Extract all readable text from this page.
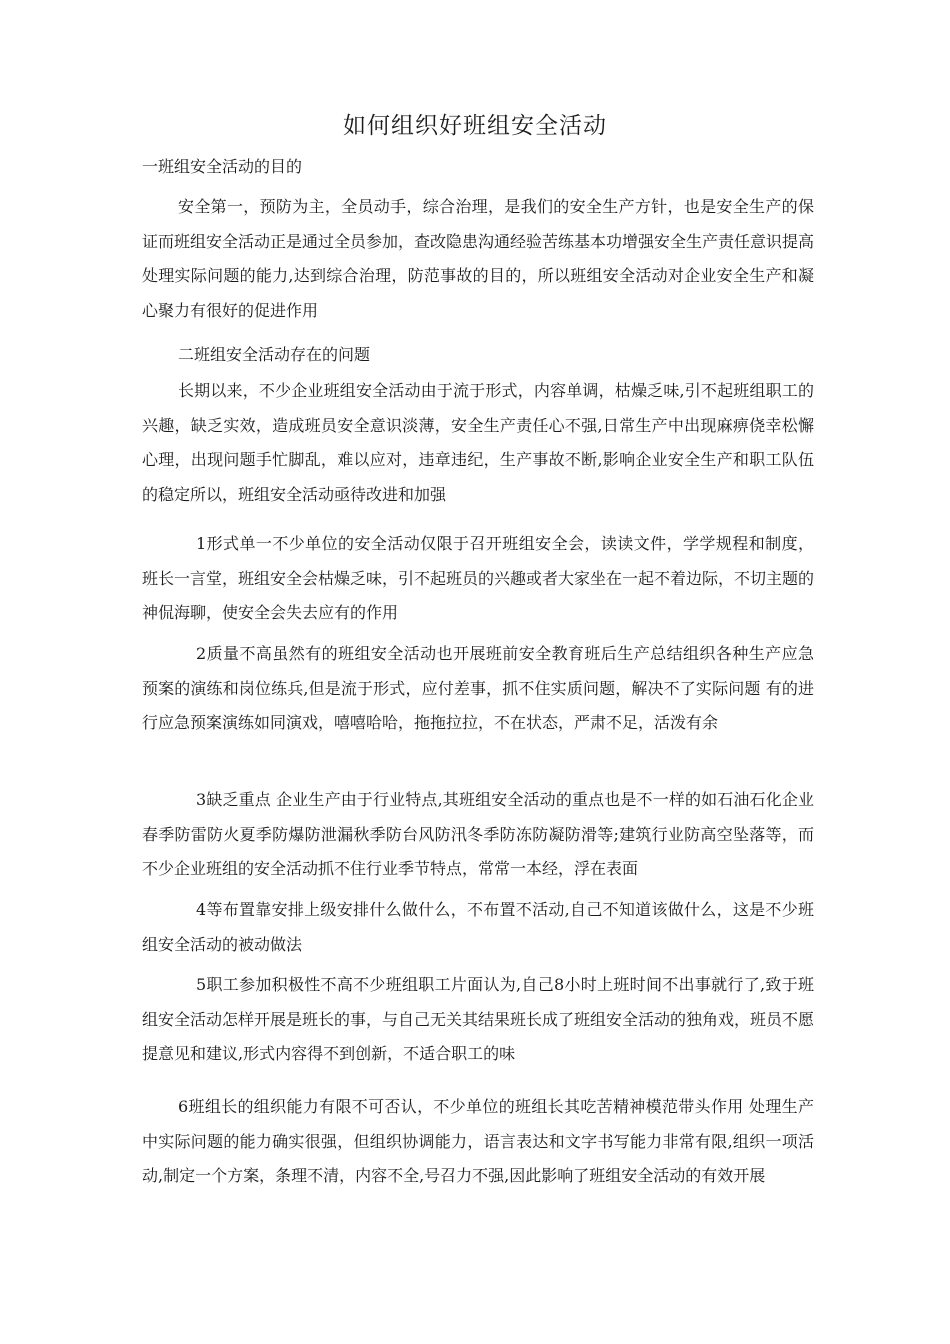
如何组织好班组安全活动
一班组安全活动的目的
安全第一，预防为主，全员动手，综合治理，是我们的安全生产方针，也是安全生产的保证而班组安全活动正是通过全员参加，查改隐患沟通经验苦练基本功增强安全生产责任意识提高处理实际问题的能力,达到综合治理，防范事故的目的，所以班组安全活动对企业安全生产和凝心聚力有很好的促进作用
二班组安全活动存在的问题
长期以来，不少企业班组安全活动由于流于形式，内容单调，枯燥乏味,引不起班组职工的兴趣，缺乏实效，造成班员安全意识淡薄，安全生产责任心不强,日常生产中出现麻痹侥幸松懈心理，出现问题手忙脚乱，难以应对，违章违纪，生产事故不断,影响企业安全生产和职工队伍的稳定所以，班组安全活动亟待改进和加强
1形式单一不少单位的安全活动仅限于召开班组安全会，读读文件，学学规程和制度，班长一言堂，班组安全会枯燥乏味，引不起班员的兴趣或者大家坐在一起不着边际，不切主题的神侃海聊，使安全会失去应有的作用
2质量不高虽然有的班组安全活动也开展班前安全教育班后生产总结组织各种生产应急预案的演练和岗位练兵,但是流于形式，应付差事，抓不住实质问题，解决不了实际问题 有的进行应急预案演练如同演戏，嘻嘻哈哈，拖拖拉拉，不在状态，严肃不足，活泼有余
3缺乏重点 企业生产由于行业特点,其班组安全活动的重点也是不一样的如石油石化企业春季防雷防火夏季防爆防泄漏秋季防台风防汛冬季防冻防凝防滑等;建筑行业防高空坠落等，而不少企业班组的安全活动抓不住行业季节特点，常常一本经，浮在表面
4等布置靠安排上级安排什么做什么，不布置不活动,自己不知道该做什么，这是不少班组安全活动的被动做法
5职工参加积极性不高不少班组职工片面认为,自己8小时上班时间不出事就行了,致于班组安全活动怎样开展是班长的事，与自己无关其结果班长成了班组安全活动的独角戏，班员不愿提意见和建议,形式内容得不到创新，不适合职工的味
6班组长的组织能力有限不可否认，不少单位的班组长其吃苦精神模范带头作用 处理生产中实际问题的能力确实很强，但组织协调能力，语言表达和文字书写能力非常有限,组织一项活动,制定一个方案，条理不清，内容不全,号召力不强,因此影响了班组安全活动的有效开展
